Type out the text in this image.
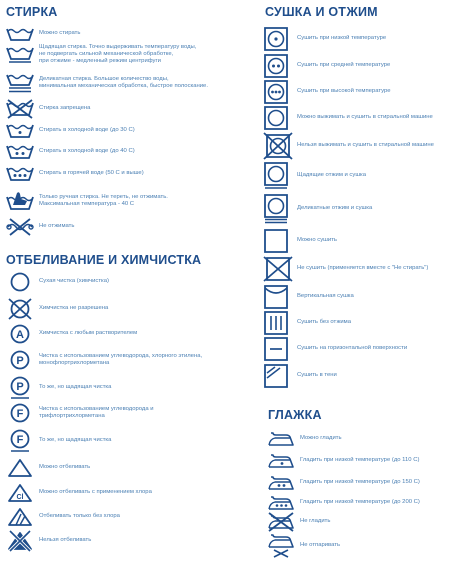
СТИРКА
ОТБЕЛИВАНИЕ И ХИМЧИСТКА
СУШКА И ОТЖИМ
ГЛАЖКА
Можно стирать
Щадящая стирка. Точно выдерживать температуру воды,
не подвергать сильной механической обработке,
при отжиме - медленный режим центрифуги
Деликатная стирка. Большое количество воды,
минимальная механическая обработка, быстрое полоскание.
Стирка запрещена
Стирать в холодной воде (до 30 С)
Стирать в холодной воде (до 40 С)
Стирать в горячей воде (50 С и выше)
Только ручная стирка. Не тереть, не отжимать.
Максимальная температура - 40 С
Не отжимать
Сухая чистка (химчистка)
Химчистка не разрешена
A	Химчистка с любым растворителем
P	Чистка с использованием углеводорода, хлорного этилена,
монофлортрихлорметана
P	То же, но щадящая чистка
F	Чистка с использованием углеводорода и трифлортрихлорметана
F	То же, но щадящая чистка
Можно отбеливать
Cl
Можно отбеливать с применением хлора
Отбеливать только без хлора
Нельзя отбеливать
Сушить при низкой температуре
Сушить при средней температуре
Сушить при высокой температуре
Можно выжимать и сушить в стиральной машине
Нельзя выжимать и сушить в стиральной машине
Щадящие отжим и сушка
Деликатные отжим и сушка
Можно сушить
Не сушить (применяется вместе с "Не стирать")
Вертикальная сушка
Сушить без отжима
Сушить на горизонтальной поверхности
Сушить в тени
Можно гладить
Гладить при низкой температуре (до 110 С)
Гладить при низкой температуре (до 150 С)
Гладить при низкой температуре (до 200 С)
Не гладить
Не отпаривать
